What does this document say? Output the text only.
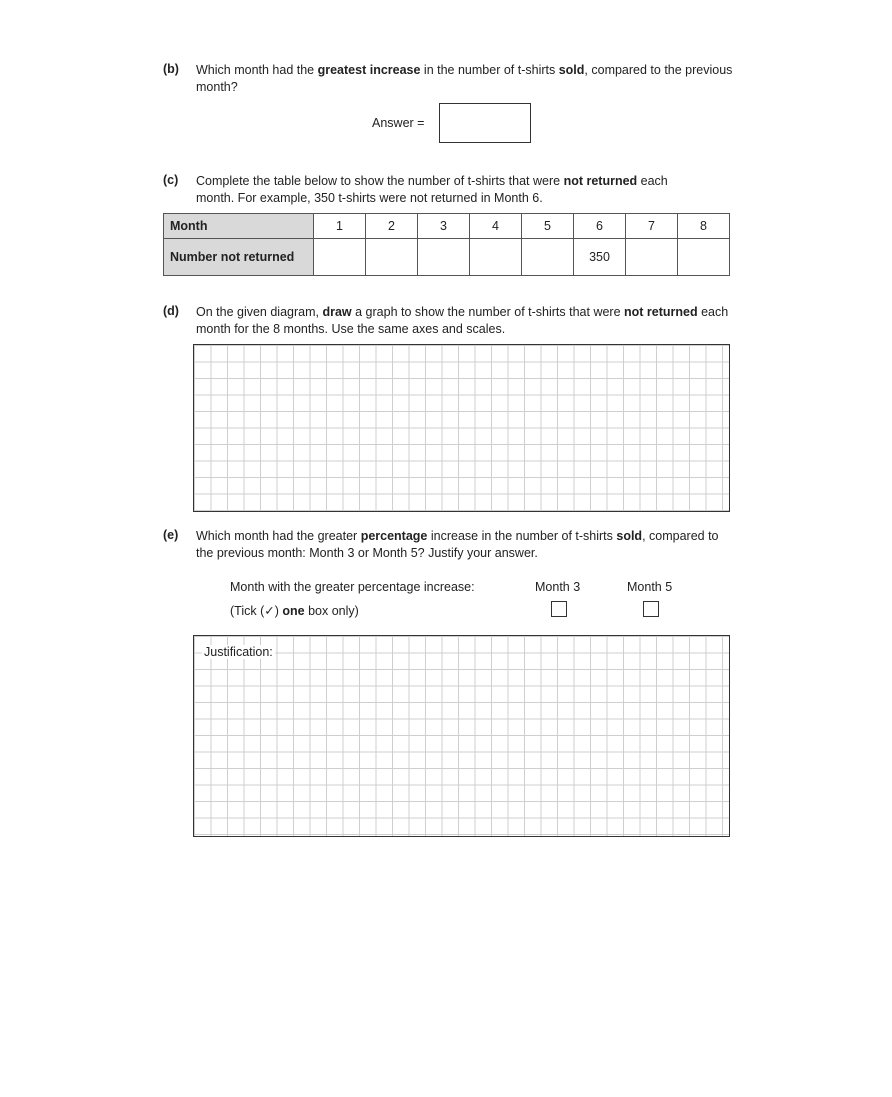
(b) Which month had the greatest increase in the number of t-shirts sold, compared to the previous month?
Answer =
(c) Complete the table below to show the number of t-shirts that were not returned each month. For example, 350 t-shirts were not returned in Month 6.
Month	1	2	3	4	5	6	7	8
Number not returned						350		
(d) On the given diagram, draw a graph to show the number of t-shirts that were not returned each month for the 8 months. Use the same axes and scales.
(e) Which month had the greater percentage increase in the number of t-shirts sold, compared to the previous month: Month 3 or Month 5? Justify your answer.
Month with the greater percentage increase:
(Tick (✓) one box only)
Month 3	Month 5
Justification:
